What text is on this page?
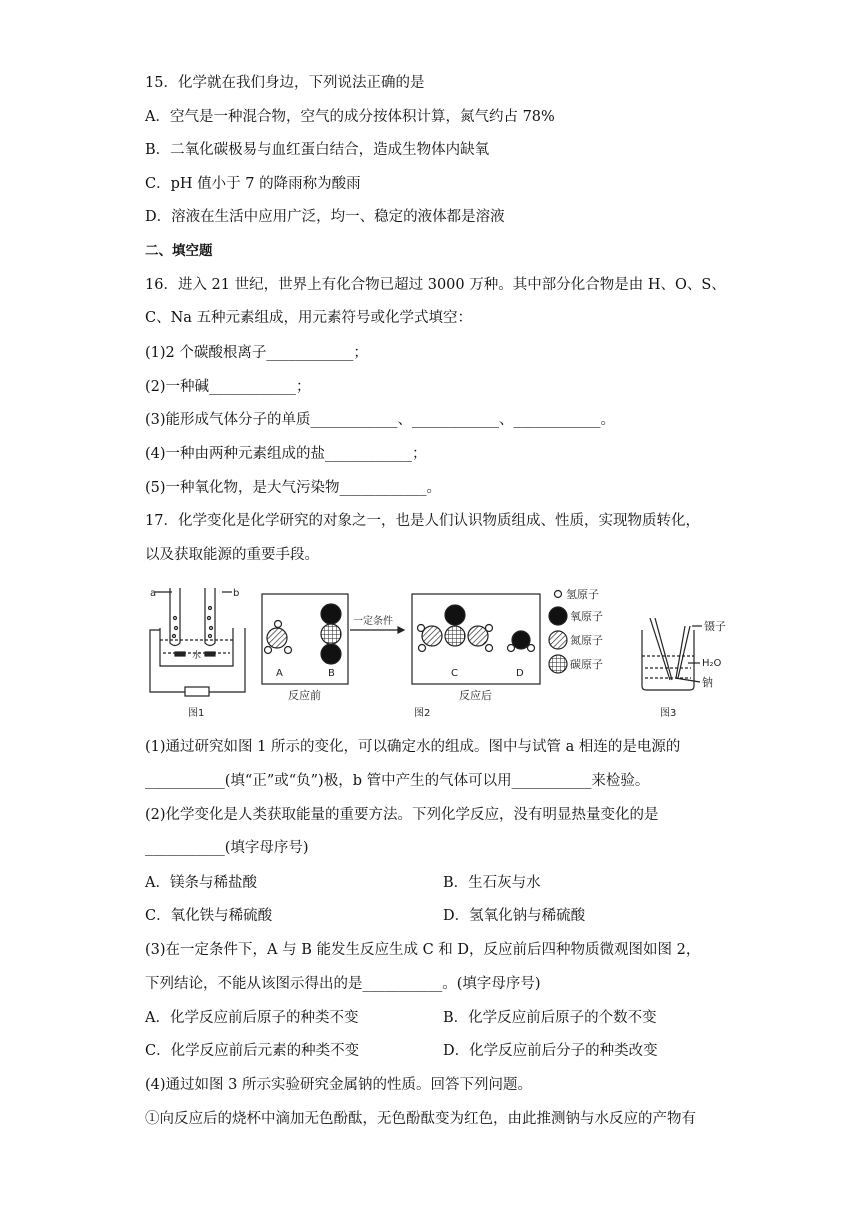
15．化学就在我们身边，下列说法正确的是
A．空气是一种混合物，空气的成分按体积计算，氮气约占 78%
B．二氧化碳极易与血红蛋白结合，造成生物体内缺氧
C．pH 值小于 7 的降雨称为酸雨
D．溶液在生活中应用广泛，均一、稳定的液体都是溶液
二、填空题
16．进入 21 世纪，世界上有化合物已超过 3000 万种。其中部分化合物是由 H、O、S、
C、Na 五种元素组成，用元素符号或化学式填空：
(1)2 个碳酸根离子____________；
(2)一种碱____________；
(3)能形成气体分子的单质____________、____________、____________。
(4)一种由两种元素组成的盐____________；
(5)一种氧化物，是大气污染物____________。
17．化学变化是化学研究的对象之一，也是人们认识物质组成、性质，实现物质转化，
以及获取能源的重要手段。
a	b
水
图1
A	B
反应前
一定条件
C	D
反应后
图2
氢原子
氧原子
氮原子
碳原子
镊子
H₂O
钠
图3
(1)通过研究如图 1 所示的变化，可以确定水的组成。图中与试管 a 相连的是电源的
___________(填“正”或“负”)极，b 管中产生的气体可以用___________来检验。
(2)化学变化是人类获取能量的重要方法。下列化学反应，没有明显热量变化的是
___________(填字母序号)
A．镁条与稀盐酸	B．生石灰与水
C．氧化铁与稀硫酸	D．氢氧化钠与稀硫酸
(3)在一定条件下，A 与 B 能发生反应生成 C 和 D，反应前后四种物质微观图如图 2，
下列结论，不能从该图示得出的是___________。(填字母序号)
A．化学反应前后原子的种类不变	B．化学反应前后原子的个数不变
C．化学反应前后元素的种类不变	D．化学反应前后分子的种类改变
(4)通过如图 3 所示实验研究金属钠的性质。回答下列问题。
①向反应后的烧杯中滴加无色酚酞，无色酚酞变为红色，由此推测钠与水反应的产物有
